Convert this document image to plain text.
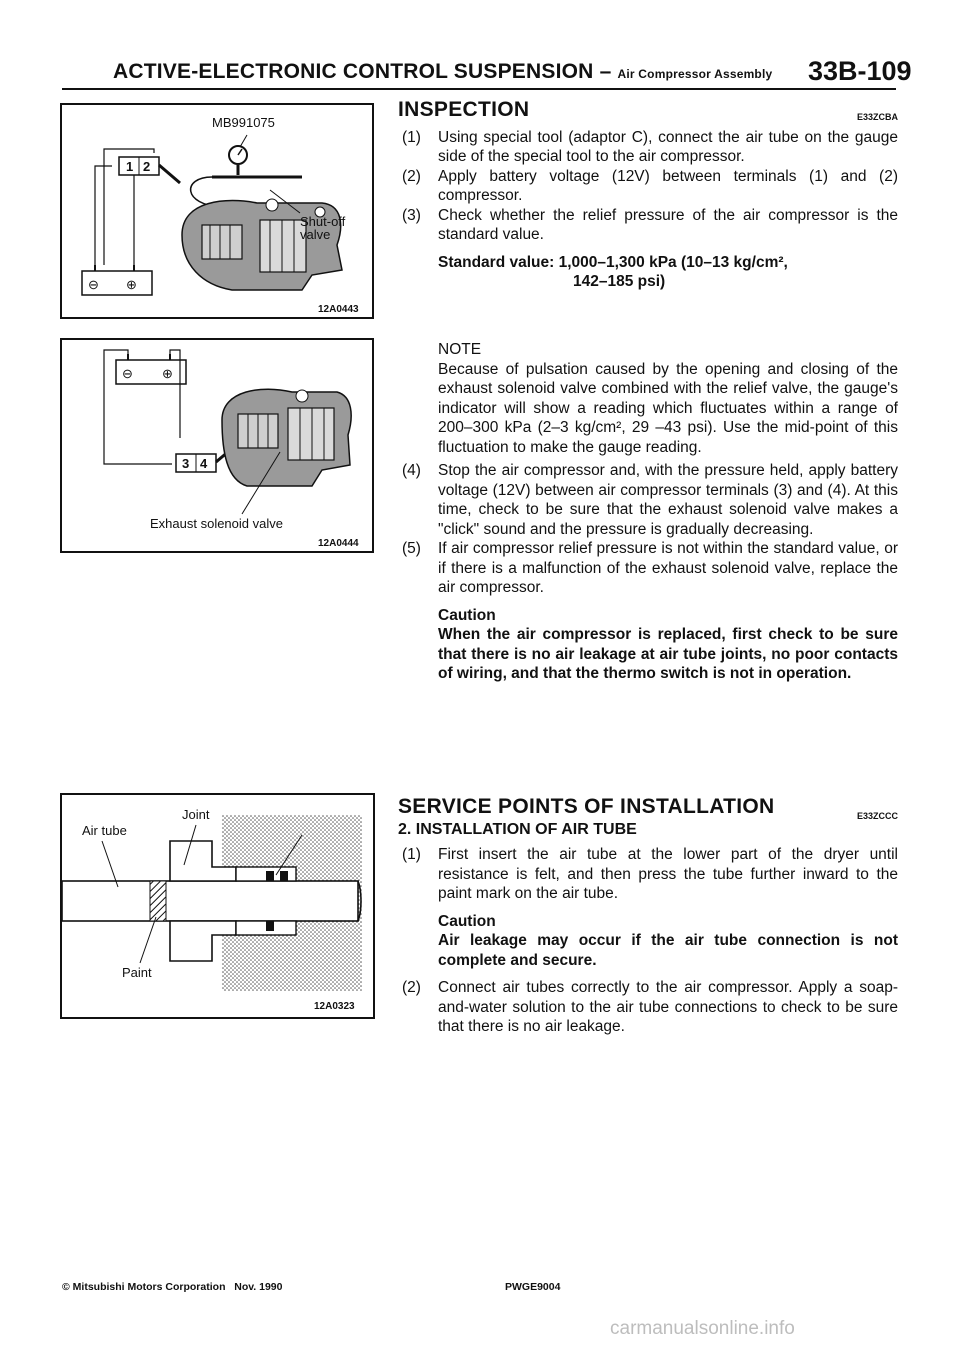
ACTIVE-ELECTRONIC CONTROL SUSPENSION – Air Compressor Assembly 33B-109
MB991075
Shut-off
valve
1 2
⊖ ⊕
12A0443
⊖ ⊕
3 4
Exhaust solenoid valve
12A0444
Air tube
Joint
Paint
12A0323
INSPECTION	E33ZCBA

(1) Using special tool (adaptor C), connect the air tube on the gauge side of the special tool to the air compressor.

(2) Apply battery voltage (12V) between terminals (1) and (2) compressor.

(3) Check whether the relief pressure of the air compressor is the standard value.

Standard value: 1,000–1,300 kPa (10–13 kg/cm²,
142–185 psi)
NOTE
Because of pulsation caused by the opening and closing of the exhaust solenoid valve combined with the relief valve, the gauge's indicator will show a reading which fluctuates within a range of 200–300 kPa (2–3 kg/cm², 29 –43 psi). Use the mid-point of this fluctuation to make the gauge reading.

(4) Stop the air compressor and, with the pressure held, apply battery voltage (12V) between air compressor terminals (3) and (4). At this time, check to be sure that the exhaust solenoid valve makes a "click" sound and the pressure is gradually decreasing.

(5) If air compressor relief pressure is not within the standard value, or if there is a malfunction of the exhaust solenoid valve, replace the air compressor.

Caution
When the air compressor is replaced, first check to be sure that there is no air leakage at air tube joints, no poor contacts of wiring, and that the thermo switch is not in operation.
SERVICE POINTS OF INSTALLATION	E33ZCCC
2. INSTALLATION OF AIR TUBE

(1) First insert the air tube at the lower part of the dryer until resistance is felt, and then press the tube further inward to the paint mark on the air tube.

Caution
Air leakage may occur if the air tube connection is not complete and secure.

(2) Connect air tubes correctly to the air compressor. Apply a soap-and-water solution to the air tube connections to check to be sure that there is no air leakage.

© Mitsubishi Motors Corporation   Nov. 1990	PWGE9004
carmanualsonline.info
